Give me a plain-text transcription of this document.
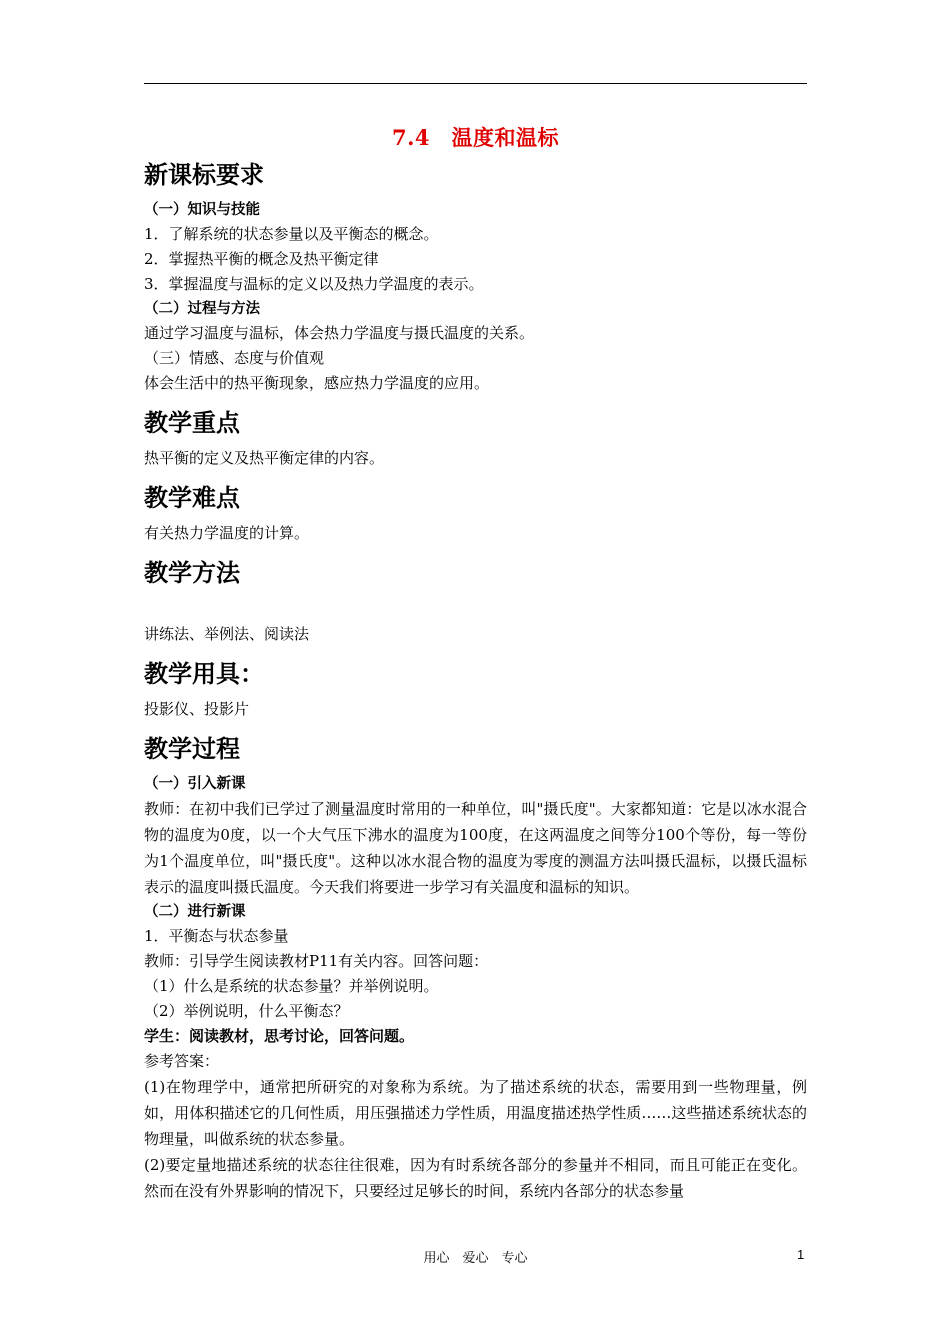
7.4　温度和温标

新课标要求

（一）知识与技能

1．了解系统的状态参量以及平衡态的概念。

2．掌握热平衡的概念及热平衡定律

3．掌握温度与温标的定义以及热力学温度的表示。

（二）过程与方法

通过学习温度与温标，体会热力学温度与摄氏温度的关系。

（三）情感、态度与价值观

体会生活中的热平衡现象，感应热力学温度的应用。

教学重点

热平衡的定义及热平衡定律的内容。

教学难点

有关热力学温度的计算。

教学方法

讲练法、举例法、阅读法

教学用具：

投影仪、投影片

教学过程

（一）引入新课

教师：在初中我们已学过了测量温度时常用的一种单位，叫"摄氏度"。大家都知道：它是以冰水混合物的温度为0度，以一个大气压下沸水的温度为100度，在这两温度之间等分100个等份，每一等份为1个温度单位，叫"摄氏度"。这种以冰水混合物的温度为零度的测温方法叫摄氏温标，以摄氏温标表示的温度叫摄氏温度。今天我们将要进一步学习有关温度和温标的知识。

（二）进行新课

1．平衡态与状态参量

教师：引导学生阅读教材P11有关内容。回答问题：

（1）什么是系统的状态参量？并举例说明。

（2）举例说明，什么平衡态？

学生：阅读教材，思考讨论，回答问题。

参考答案：

(1)在物理学中，通常把所研究的对象称为系统。为了描述系统的状态，需要用到一些物理量，例如，用体积描述它的几何性质，用压强描述力学性质，用温度描述热学性质……这些描述系统状态的物理量，叫做系统的状态参量。

(2)要定量地描述系统的状态往往很难，因为有时系统各部分的参量并不相同，而且可能正在变化。然而在没有外界影响的情况下，只要经过足够长的时间，系统内各部分的状态参量

用心　爱心　专心	1
